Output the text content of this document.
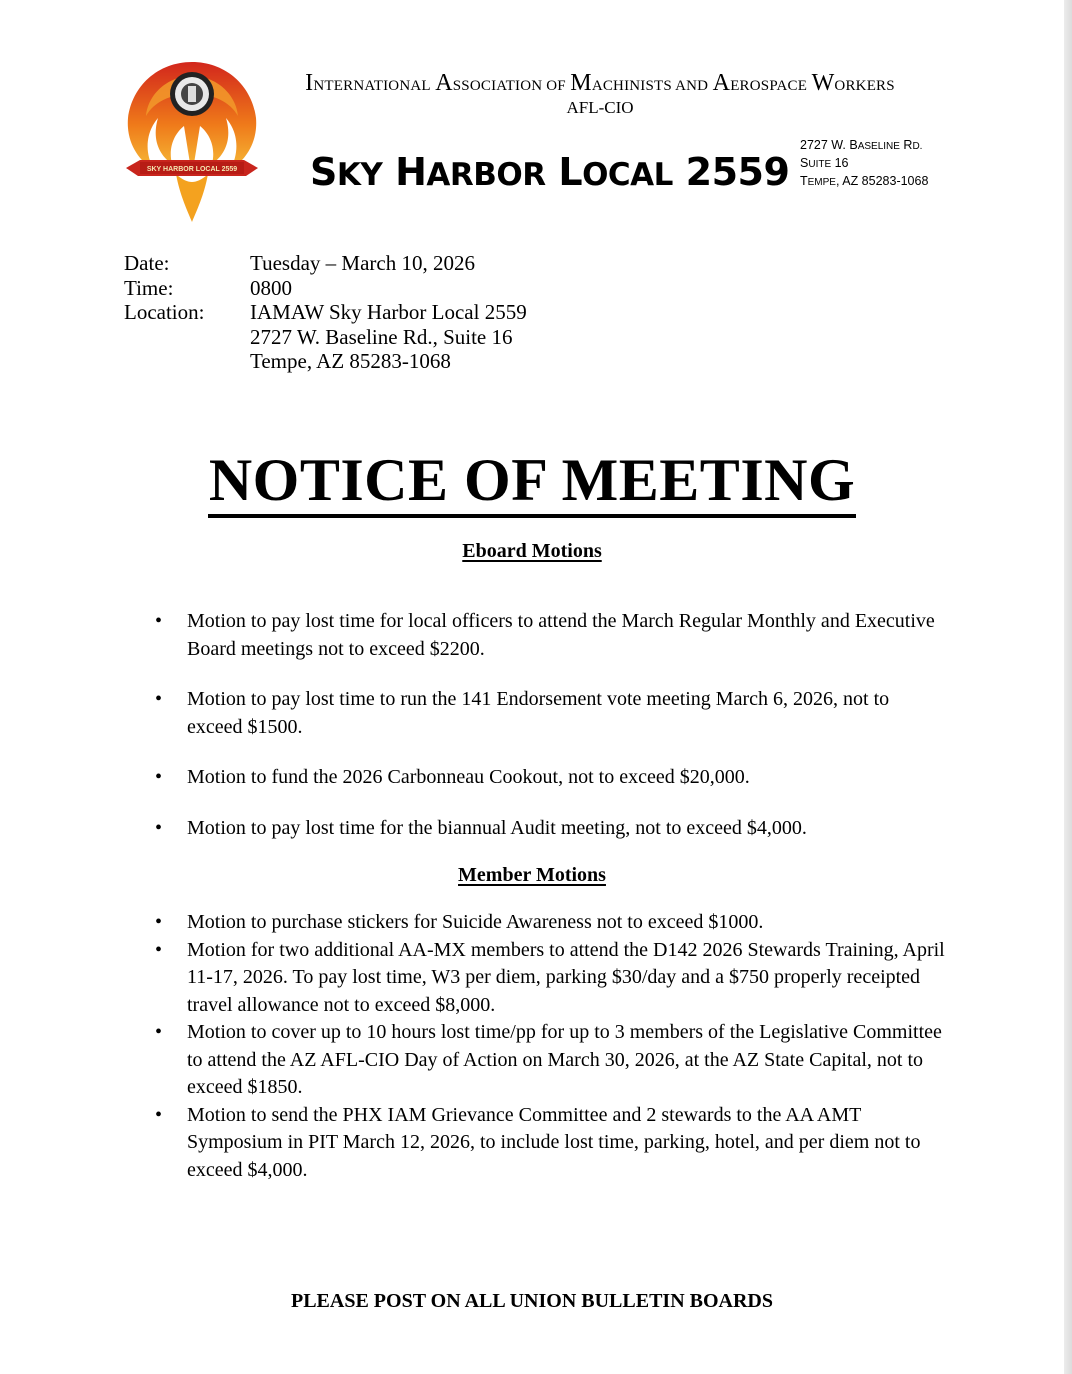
SKY HARBOR LOCAL 2559
INTERNATIONAL ASSOCIATION OF MACHINISTS AND AEROSPACE WORKERS
AFL-CIO
SKY HARBOR LOCAL 2559
2727 W. BASELINE RD.
SUITE 16
TEMPE, AZ 85283-1068
Date:	Tuesday – March 10, 2026
Time:	0800
Location:	IAMAW Sky Harbor Local 2559
2727 W. Baseline Rd., Suite 16
Tempe, AZ 85283-1068
NOTICE OF MEETING
Eboard Motions
• Motion to pay lost time for local officers to attend the March Regular Monthly and Executive Board meetings not to exceed $2200.
• Motion to pay lost time to run the 141 Endorsement vote meeting March 6, 2026, not to exceed $1500.
• Motion to fund the 2026 Carbonneau Cookout, not to exceed $20,000.
• Motion to pay lost time for the biannual Audit meeting, not to exceed $4,000.
Member Motions
• Motion to purchase stickers for Suicide Awareness not to exceed $1000.
• Motion for two additional AA-MX members to attend the D142 2026 Stewards Training, April 11-17, 2026. To pay lost time, W3 per diem, parking $30/day and a $750 properly receipted travel allowance not to exceed $8,000.
• Motion to cover up to 10 hours lost time/pp for up to 3 members of the Legislative Committee to attend the AZ AFL-CIO Day of Action on March 30, 2026, at the AZ State Capital, not to exceed $1850.
• Motion to send the PHX IAM Grievance Committee and 2 stewards to the AA AMT Symposium in PIT March 12, 2026, to include lost time, parking, hotel, and per diem not to exceed $4,000.
PLEASE POST ON ALL UNION BULLETIN BOARDS
